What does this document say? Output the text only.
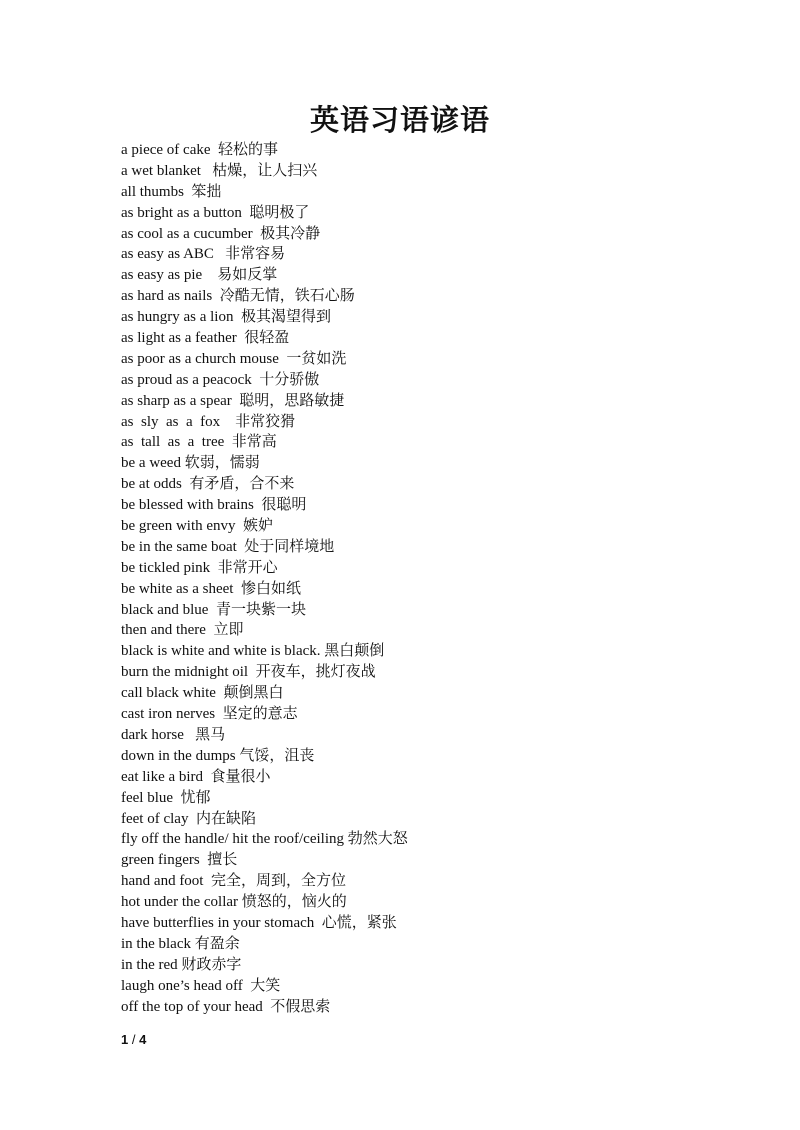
英语习语谚语
a piece of cake  轻松的事
a wet blanket   枯燥，让人扫兴
all thumbs  笨拙
as bright as a button  聪明极了
as cool as a cucumber  极其冷静
as easy as ABC   非常容易
as easy as pie    易如反掌
as hard as nails  冷酷无情，铁石心肠
as hungry as a lion  极其渴望得到
as light as a feather  很轻盈
as poor as a church mouse  一贫如洗
as proud as a peacock  十分骄傲
as sharp as a spear  聪明，思路敏捷
as  sly  as  a  fox    非常狡猾
as  tall  as  a  tree  非常高
be a weed 软弱，懦弱
be at odds  有矛盾，合不来
be blessed with brains  很聪明
be green with envy  嫉妒
be in the same boat  处于同样境地
be tickled pink  非常开心
be white as a sheet  惨白如纸
black and blue  青一块紫一块
then and there  立即
black is white and white is black. 黑白颠倒
burn the midnight oil  开夜车，挑灯夜战
call black white  颠倒黑白
cast iron nerves  坚定的意志
dark horse   黑马
down in the dumps 气馁，沮丧
eat like a bird  食量很小
feel blue  忧郁
feet of clay  内在缺陷
fly off the handle/ hit the roof/ceiling 勃然大怒
green fingers  擅长
hand and foot  完全，周到，全方位
hot under the collar 愤怒的，恼火的
have butterflies in your stomach  心慌，紧张
in the black 有盈余
in the red 财政赤字
laugh one’s head off  大笑
off the top of your head  不假思索
1 / 4
